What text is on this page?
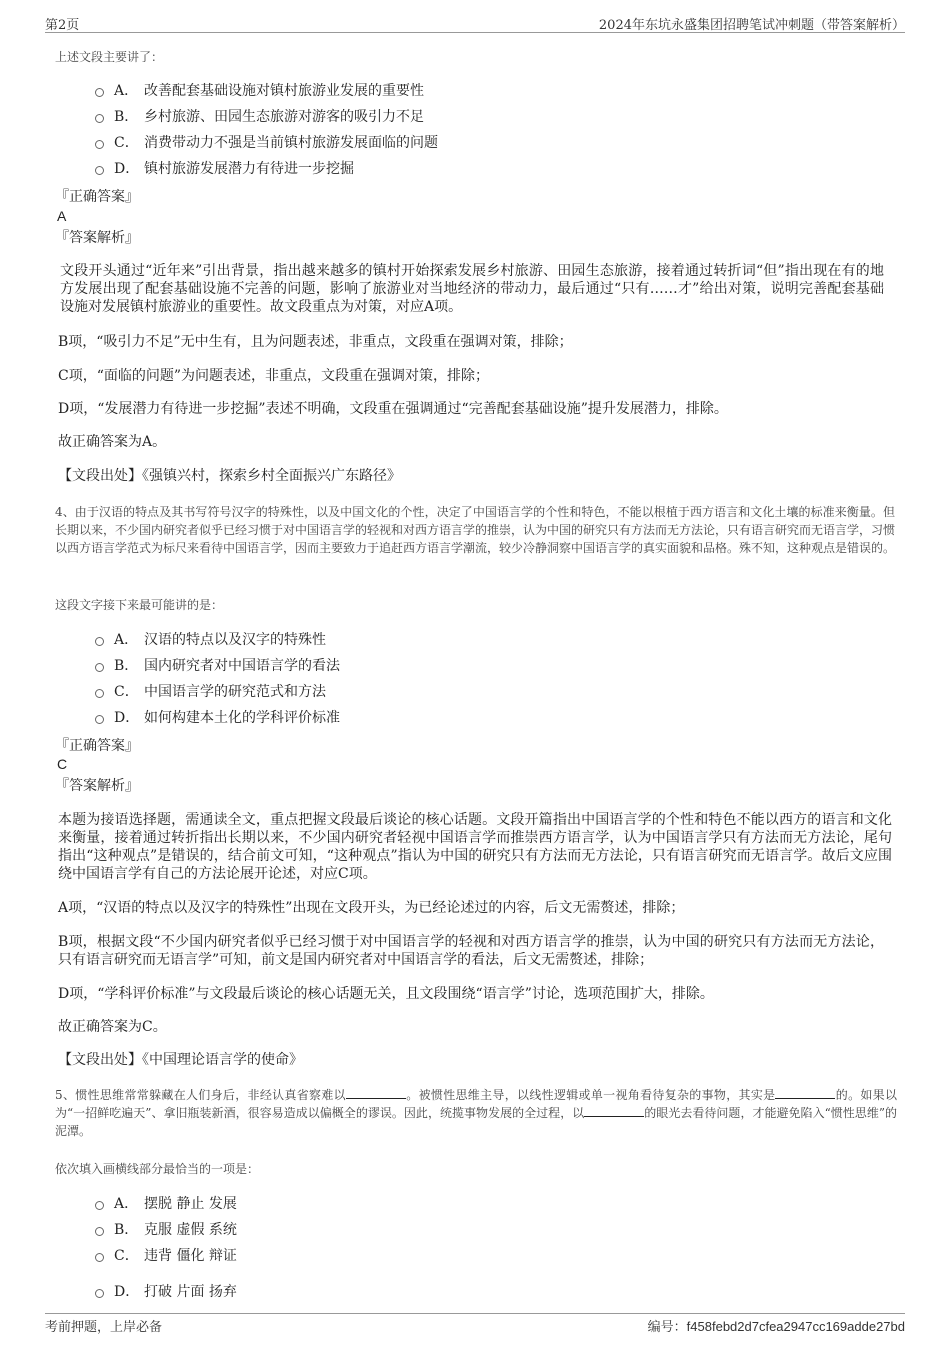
第2页	2024年东坑永盛集团招聘笔试冲刺题（带答案解析）
上述文段主要讲了：
A． 改善配套基础设施对镇村旅游业发展的重要性
B． 乡村旅游、田园生态旅游对游客的吸引力不足
C． 消费带动力不强是当前镇村旅游发展面临的问题
D． 镇村旅游发展潜力有待进一步挖掘
『正确答案』
A
『答案解析』
文段开头通过“近年来”引出背景，指出越来越多的镇村开始探索发展乡村旅游、田园生态旅游，接着通过转折词“但”指出现在有的地方发展出现了配套基础设施不完善的问题，影响了旅游业对当地经济的带动力，最后通过“只有……才”给出对策，说明完善配套基础设施对发展镇村旅游业的重要性。故文段重点为对策，对应A项。
B项，“吸引力不足”无中生有，且为问题表述，非重点，文段重在强调对策，排除；
C项，“面临的问题”为问题表述，非重点，文段重在强调对策，排除；
D项，“发展潜力有待进一步挖掘”表述不明确，文段重在强调通过“完善配套基础设施”提升发展潜力，排除。
故正确答案为A。
【文段出处】《强镇兴村，探索乡村全面振兴广东路径》
4、由于汉语的特点及其书写符号汉字的特殊性，以及中国文化的个性，决定了中国语言学的个性和特色，不能以根植于西方语言和文化土壤的标准来衡量。但长期以来，不少国内研究者似乎已经习惯于对中国语言学的轻视和对西方语言学的推崇，认为中国的研究只有方法而无方法论，只有语言研究而无语言学，习惯以西方语言学范式为标尺来看待中国语言学，因而主要致力于追赶西方语言学潮流，较少冷静洞察中国语言学的真实面貌和品格。殊不知，这种观点是错误的。
这段文字接下来最可能讲的是：
A． 汉语的特点以及汉字的特殊性
B． 国内研究者对中国语言学的看法
C． 中国语言学的研究范式和方法
D． 如何构建本土化的学科评价标准
『正确答案』
C
『答案解析』
本题为接语选择题，需通读全文，重点把握文段最后谈论的核心话题。文段开篇指出中国语言学的个性和特色不能以西方的语言和文化来衡量，接着通过转折指出长期以来，不少国内研究者轻视中国语言学而推崇西方语言学，认为中国语言学只有方法而无方法论，尾句指出“这种观点”是错误的，结合前文可知，“这种观点”指认为中国的研究只有方法而无方法论，只有语言研究而无语言学。故后文应围绕中国语言学有自己的方法论展开论述，对应C项。
A项，“汉语的特点以及汉字的特殊性”出现在文段开头，为已经论述过的内容，后文无需赘述，排除；
B项，根据文段“不少国内研究者似乎已经习惯于对中国语言学的轻视和对西方语言学的推崇，认为中国的研究只有方法而无方法论，只有语言研究而无语言学”可知，前文是国内研究者对中国语言学的看法，后文无需赘述，排除；
D项，“学科评价标准”与文段最后谈论的核心话题无关，且文段围绕“语言学”讨论，选项范围扩大，排除。
故正确答案为C。
【文段出处】《中国理论语言学的使命》
5、惯性思维常常躲藏在人们身后，非经认真省察难以	。被惯性思维主导，以线性逻辑或单一视角看待复杂的事物，其实是	的。如果以为“一招鲜吃遍天”、拿旧瓶装新酒，很容易造成以偏概全的谬误。因此，统揽事物发展的全过程，以	的眼光去看待问题，才能避免陷入“惯性思维”的泥潭。
依次填入画横线部分最恰当的一项是：
A． 摆脱 静止 发展
B． 克服 虚假 系统
C． 违背 僵化 辩证
D． 打破 片面 扬弃
考前押题，上岸必备	编号：f458febd2d7cfea2947cc169adde27bd
